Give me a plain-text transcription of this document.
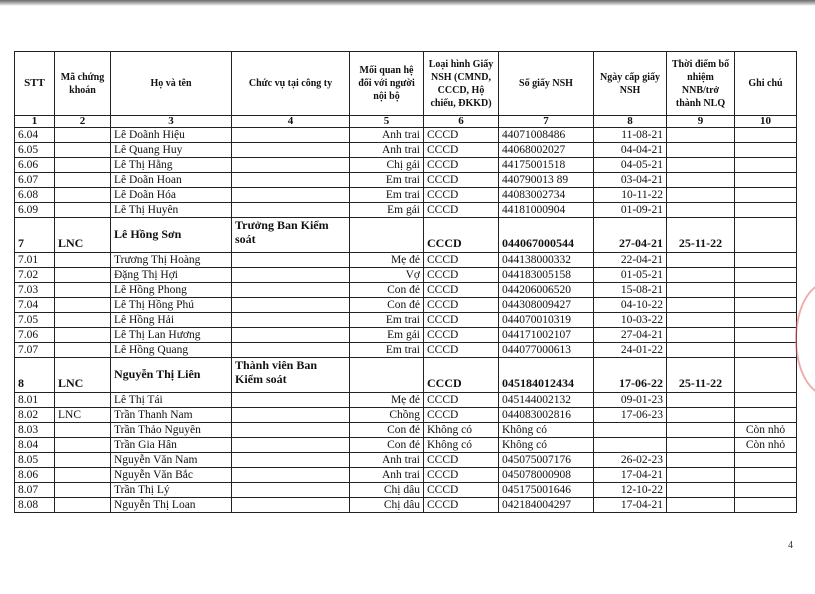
STT	Mã chứng khoán	Họ và tên	Chức vụ tại công ty	Mối quan hệ đối với người nội bộ	Loại hình Giấy NSH (CMND, CCCD, Hộ chiếu, ĐKKD)	Số giấy NSH	Ngày cấp giấy NSH	Thời điểm bổ nhiệm NNB/trở thành NLQ	Ghi chú
1	2	3	4	5	6	7	8	9	10
6.04		Lê Doãnh Hiệu		Anh trai	CCCD	44071008486	11-08-21		
6.05		Lê Quang Huy		Anh trai	CCCD	44068002027	04-04-21		
6.06		Lê Thị Hằng		Chị gái	CCCD	44175001518	04-05-21		
6.07		Lê Doãn Hoan		Em trai	CCCD	440790013 89	03-04-21		
6.08		Lê Doãn Hóa		Em trai	CCCD	44083002734	10-11-22		
6.09		Lê Thị Huyên		Em gái	CCCD	44181000904	01-09-21		
7	LNC	Lê Hồng Sơn	Trưởng Ban Kiểm soát		CCCD	044067000544	27-04-21	25-11-22	
7.01		Trương Thị Hoàng		Mẹ đẻ	CCCD	044138000332	22-04-21		
7.02		Đặng Thị Hợi		Vợ	CCCD	044183005158	01-05-21		
7.03		Lê Hồng Phong		Con đẻ	CCCD	044206006520	15-08-21		
7.04		Lê Thị Hồng Phú		Con đẻ	CCCD	044308009427	04-10-22		
7.05		Lê Hồng Hải		Em trai	CCCD	044070010319	10-03-22		
7.06		Lê Thị Lan Hương		Em gái	CCCD	044171002107	27-04-21		
7.07		Lê Hồng Quang		Em trai	CCCD	044077000613	24-01-22		
8	LNC	Nguyễn Thị Liên	Thành viên Ban Kiểm soát		CCCD	045184012434	17-06-22	25-11-22	
8.01		Lê Thị Tái		Mẹ đẻ	CCCD	045144002132	09-01-23		
8.02	LNC	Trần Thanh Nam		Chồng	CCCD	044083002816	17-06-23		
8.03		Trần Thảo Nguyên		Con đẻ	Không có	Không có			Còn nhỏ
8.04		Trần Gia Hân		Con đẻ	Không có	Không có			Còn nhỏ
8.05		Nguyễn Văn Nam		Anh trai	CCCD	045075007176	26-02-23		
8.06		Nguyễn Văn Bắc		Anh trai	CCCD	045078000908	17-04-21		
8.07		Trần Thị Lý		Chị dâu	CCCD	045175001646	12-10-22		
8.08		Nguyễn Thị Loan		Chị dâu	CCCD	042184004297	17-04-21		
4
